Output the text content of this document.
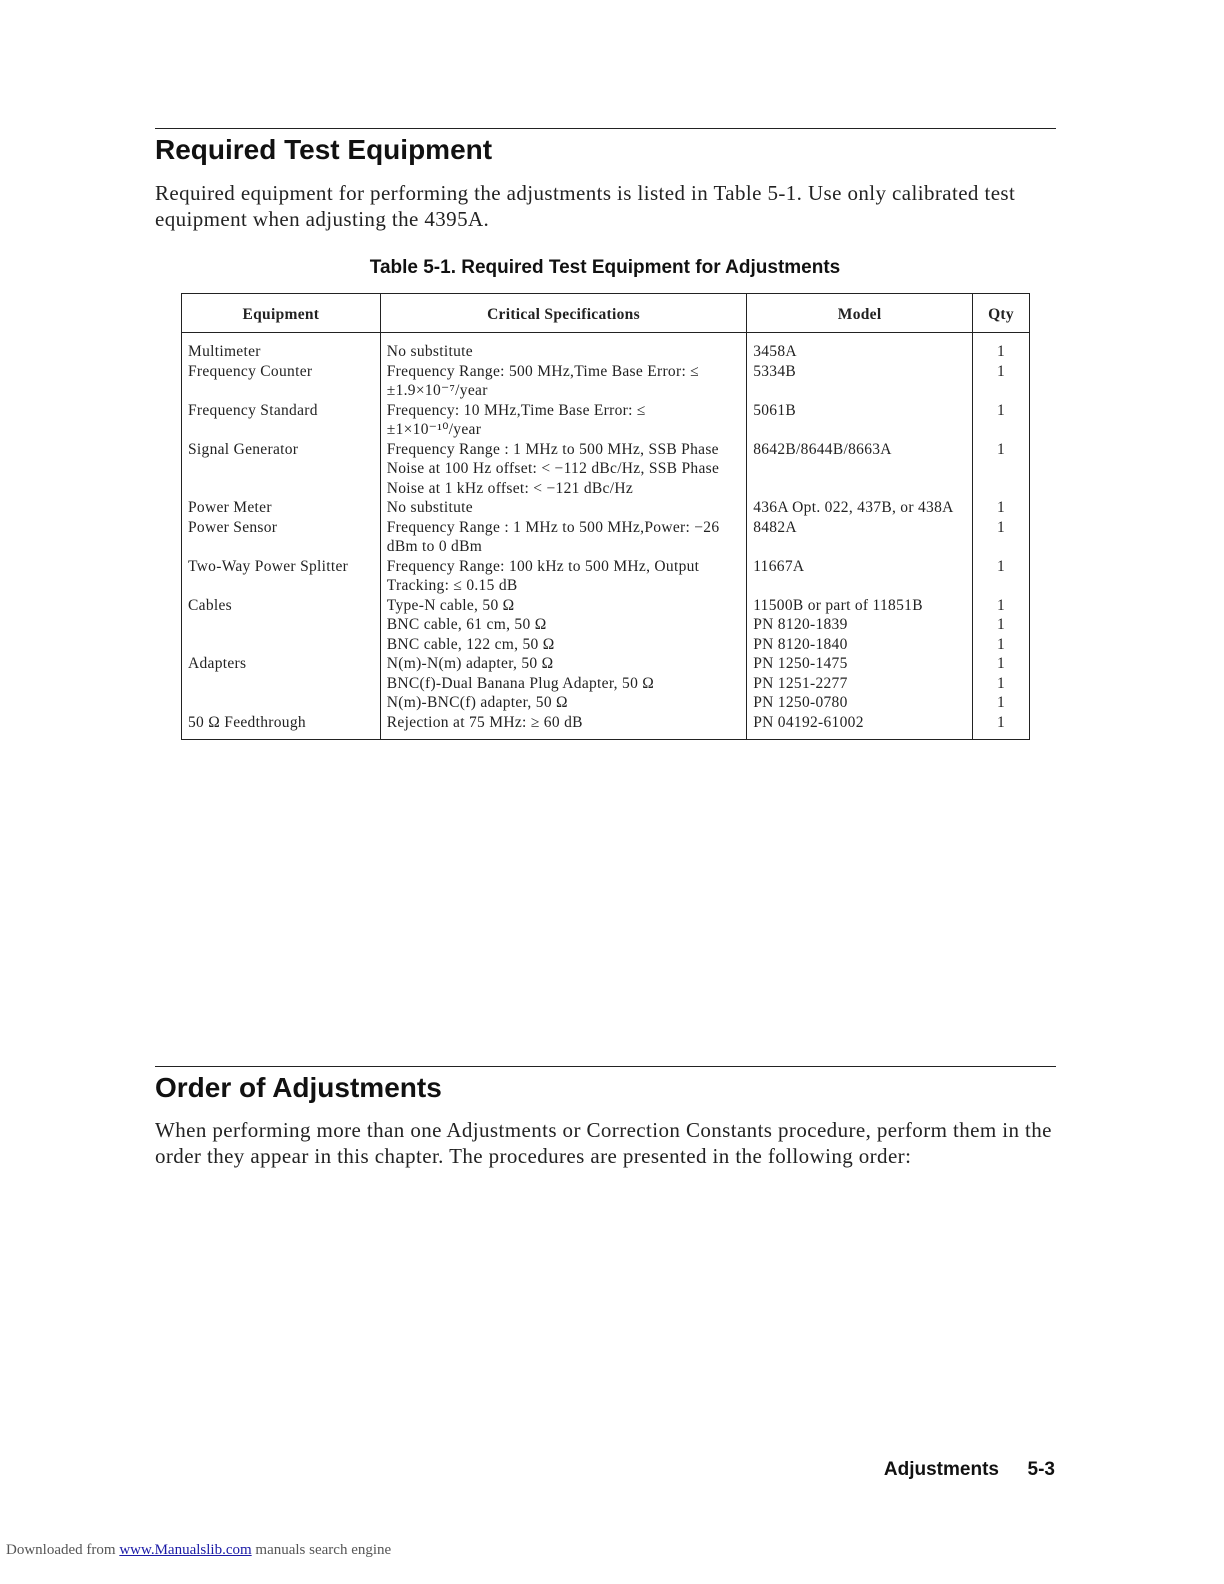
Required Test Equipment

Required equipment for performing the adjustments is listed in Table 5-1. Use only calibrated test equipment when adjusting the 4395A.

Table 5-1. Required Test Equipment for Adjustments

Equipment	Critical Specifications	Model	Qty
Multimeter	No substitute	3458A	1
Frequency Counter	Frequency Range: 500 MHz,Time Base Error: ≤ ±1.9×10⁻⁷/year	5334B	1
Frequency Standard	Frequency: 10 MHz,Time Base Error: ≤ ±1×10⁻¹⁰/year	5061B	1
Signal Generator	Frequency Range : 1 MHz to 500 MHz, SSB Phase Noise at 100 Hz offset: < −112 dBc/Hz, SSB Phase Noise at 1 kHz offset: < −121 dBc/Hz	8642B/8644B/8663A	1
Power Meter	No substitute	436A Opt. 022, 437B, or 438A	1
Power Sensor	Frequency Range : 1 MHz to 500 MHz,Power: −26 dBm to 0 dBm	8482A	1
Two-Way Power Splitter	Frequency Range: 100 kHz to 500 MHz, Output Tracking: ≤ 0.15 dB	11667A	1
Cables	Type-N cable, 50 Ω	11500B or part of 11851B	1
	BNC cable, 61 cm, 50 Ω	PN 8120-1839	1
	BNC cable, 122 cm, 50 Ω	PN 8120-1840	1
Adapters	N(m)-N(m) adapter, 50 Ω	PN 1250-1475	1
	BNC(f)-Dual Banana Plug Adapter, 50 Ω	PN 1251-2277	1
	N(m)-BNC(f) adapter, 50 Ω	PN 1250-0780	1
50 Ω Feedthrough	Rejection at 75 MHz: ≥ 60 dB	PN 04192-61002	1
Order of Adjustments

When performing more than one Adjustments or Correction Constants procedure, perform them in the order they appear in this chapter. The procedures are presented in the following order:

Adjustments 5-3

Downloaded from www.Manualslib.com manuals search engine
